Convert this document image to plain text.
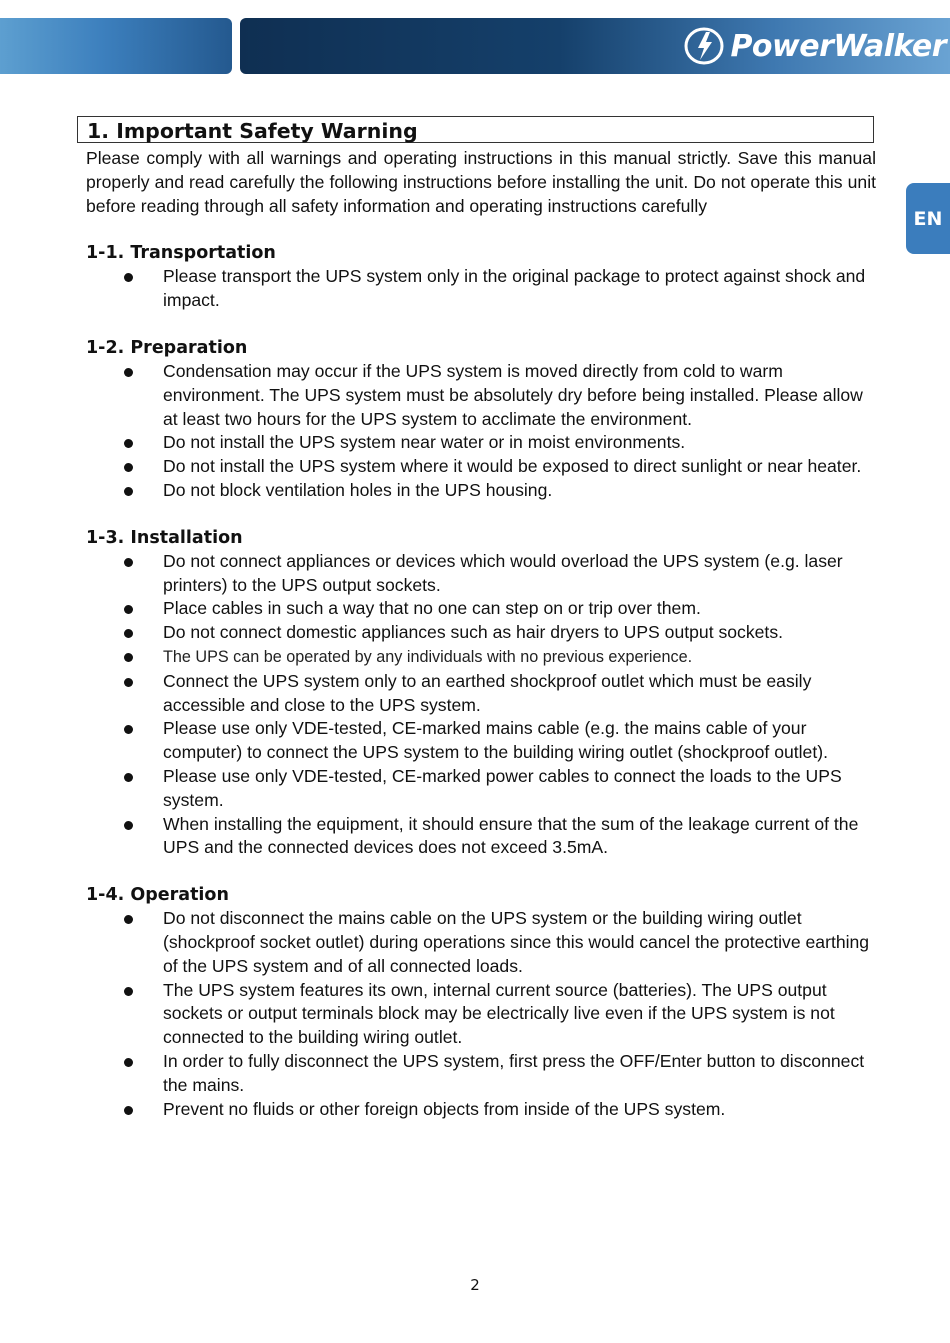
PowerWalker
EN
1. Important Safety Warning

Please comply with all warnings and operating instructions in this manual strictly. Save this manual properly and read carefully the following instructions before installing the unit. Do not operate this unit before reading through all safety information and operating instructions carefully

1-1. Transportation
Please transport the UPS system only in the original package to protect against shock and impact.
1-2. Preparation
Condensation may occur if the UPS system is moved directly from cold to warm environment. The UPS system must be absolutely dry before being installed. Please allow at least two hours for the UPS system to acclimate the environment.
Do not install the UPS system near water or in moist environments.
Do not install the UPS system where it would be exposed to direct sunlight or near heater.
Do not block ventilation holes in the UPS housing.
1-3. Installation
Do not connect appliances or devices which would overload the UPS system (e.g. laser printers) to the UPS output sockets.
Place cables in such a way that no one can step on or trip over them.
Do not connect domestic appliances such as hair dryers to UPS output sockets.
The UPS can be operated by any individuals with no previous experience.
Connect the UPS system only to an earthed shockproof outlet which must be easily accessible and close to the UPS system.
Please use only VDE-tested, CE-marked mains cable (e.g. the mains cable of your computer) to connect the UPS system to the building wiring outlet (shockproof outlet).
Please use only VDE-tested, CE-marked power cables to connect the loads to the UPS system.
When installing the equipment, it should ensure that the sum of the leakage current of the UPS and the connected devices does not exceed 3.5mA.
1-4. Operation
Do not disconnect the mains cable on the UPS system or the building wiring outlet (shockproof socket outlet) during operations since this would cancel the protective earthing of the UPS system and of all connected loads.
The UPS system features its own, internal current source (batteries). The UPS output sockets or output terminals block may be electrically live even if the UPS system is not connected to the building wiring outlet.
In order to fully disconnect the UPS system, first press the OFF/Enter button to disconnect the mains.
Prevent no fluids or other foreign objects from inside of the UPS system.
2
